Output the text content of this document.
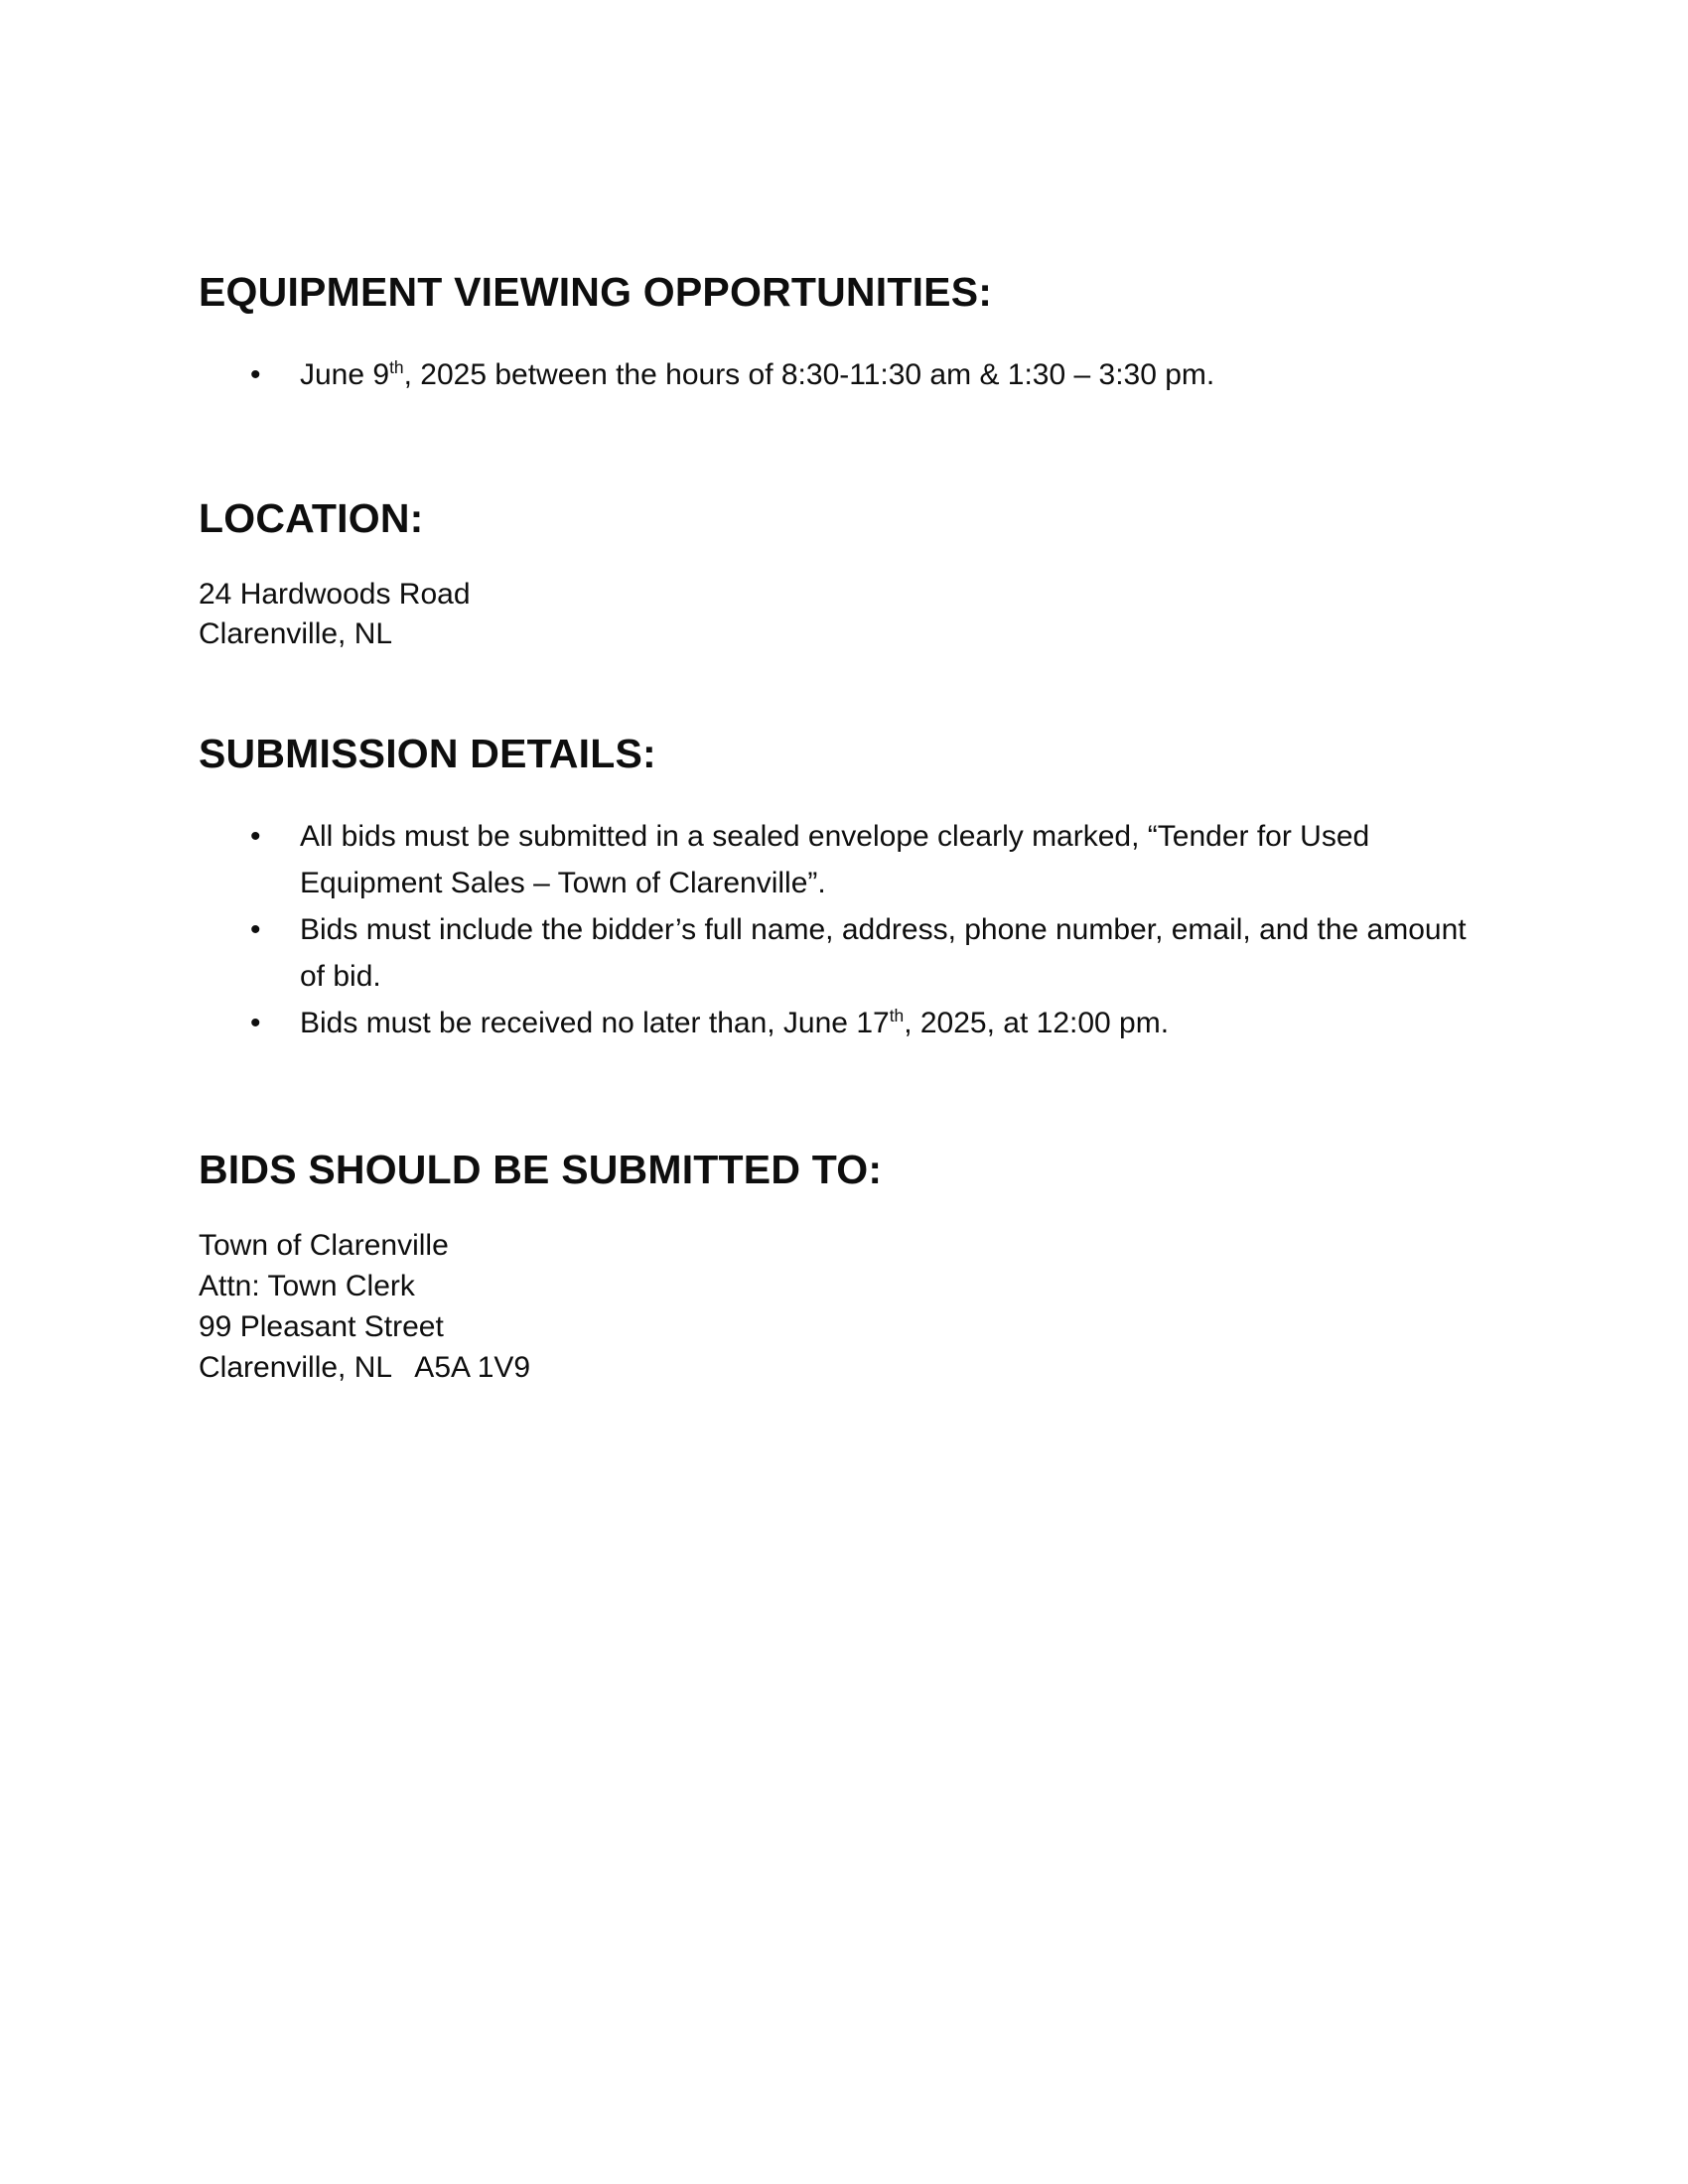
EQUIPMENT VIEWING OPPORTUNITIES:
• June 9th, 2025 between the hours of 8:30-11:30 am & 1:30 – 3:30 pm.
LOCATION:
24 Hardwoods Road
Clarenville, NL
SUBMISSION DETAILS:
• All bids must be submitted in a sealed envelope clearly marked, “Tender for Used Equipment Sales – Town of Clarenville”.
• Bids must include the bidder’s full name, address, phone number, email, and the amount of bid.
• Bids must be received no later than, June 17th, 2025, at 12:00 pm.
BIDS SHOULD BE SUBMITTED TO:
Town of Clarenville
Attn: Town Clerk
99 Pleasant Street
Clarenville, NL   A5A 1V9
